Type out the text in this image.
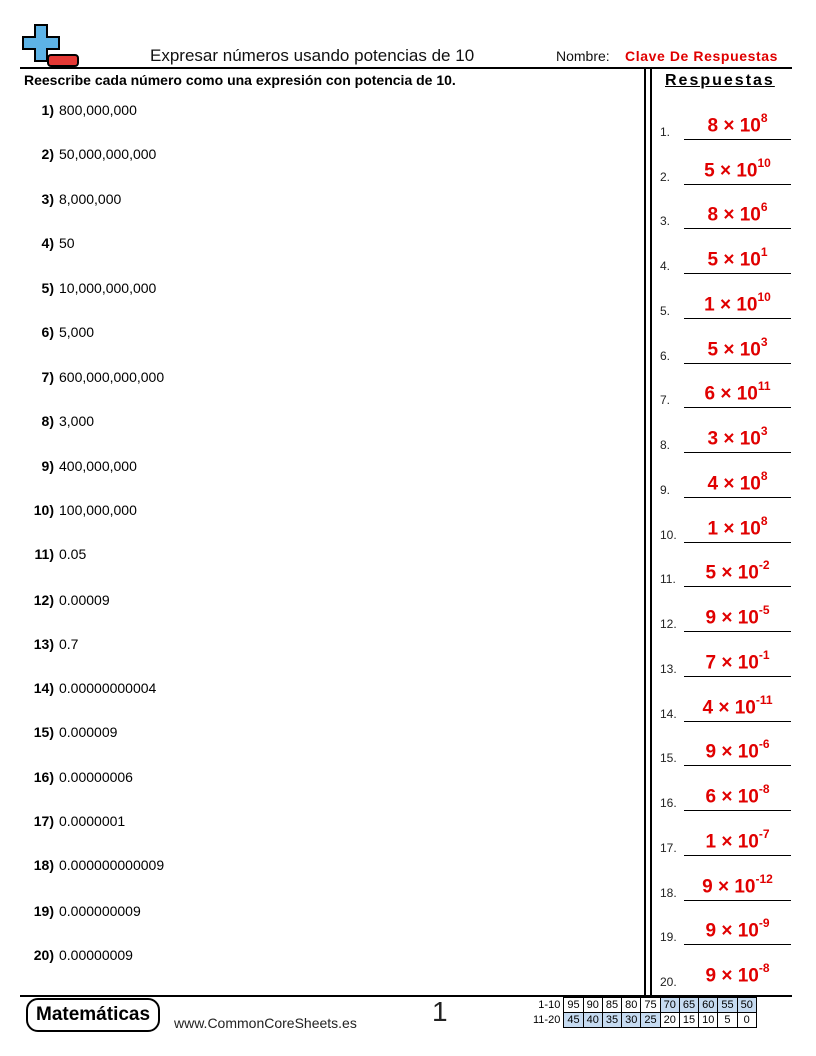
Expresar números usando potencias de 10	Nombre: Clave De Respuestas
Reescribe cada número como una expresión con potencia de 10.
1) 800,000,000
2) 50,000,000,000
3) 8,000,000
4) 50
5) 10,000,000,000
6) 5,000
7) 600,000,000,000
8) 3,000
9) 400,000,000
10) 100,000,000
11) 0.05
12) 0.00009
13) 0.7
14) 0.00000000004
15) 0.000009
16) 0.00000006
17) 0.0000001
18) 0.000000000009
19) 0.000000009
20) 0.00000009
Respuestas
1.	$8 \times 10^8$
2.	$5 \times 10^{10}$
3.	$8 \times 10^6$
4.	$5 \times 10^1$
5.	$1 \times 10^{10}$
6.	$5 \times 10^3$
7.	$6 \times 10^{11}$
8.	$3 \times 10^3$
9.	$4 \times 10^8$
10.	$1 \times 10^8$
11.	$5 \times 10^{-2}$
12.	$9 \times 10^{-5}$
13.	$7 \times 10^{-1}$
14.	$4 \times 10^{-11}$
15.	$9 \times 10^{-6}$
16.	$6 \times 10^{-8}$
17.	$1 \times 10^{-7}$
18.	$9 \times 10^{-12}$
19.	$9 \times 10^{-9}$
20.	$9 \times 10^{-8}$
Matemáticas	www.CommonCoreSheets.es	1	1-10	95	90	85	80	75	70	65	60	55	50
11-20	45	40	35	30	25	20	15	10	5	0
